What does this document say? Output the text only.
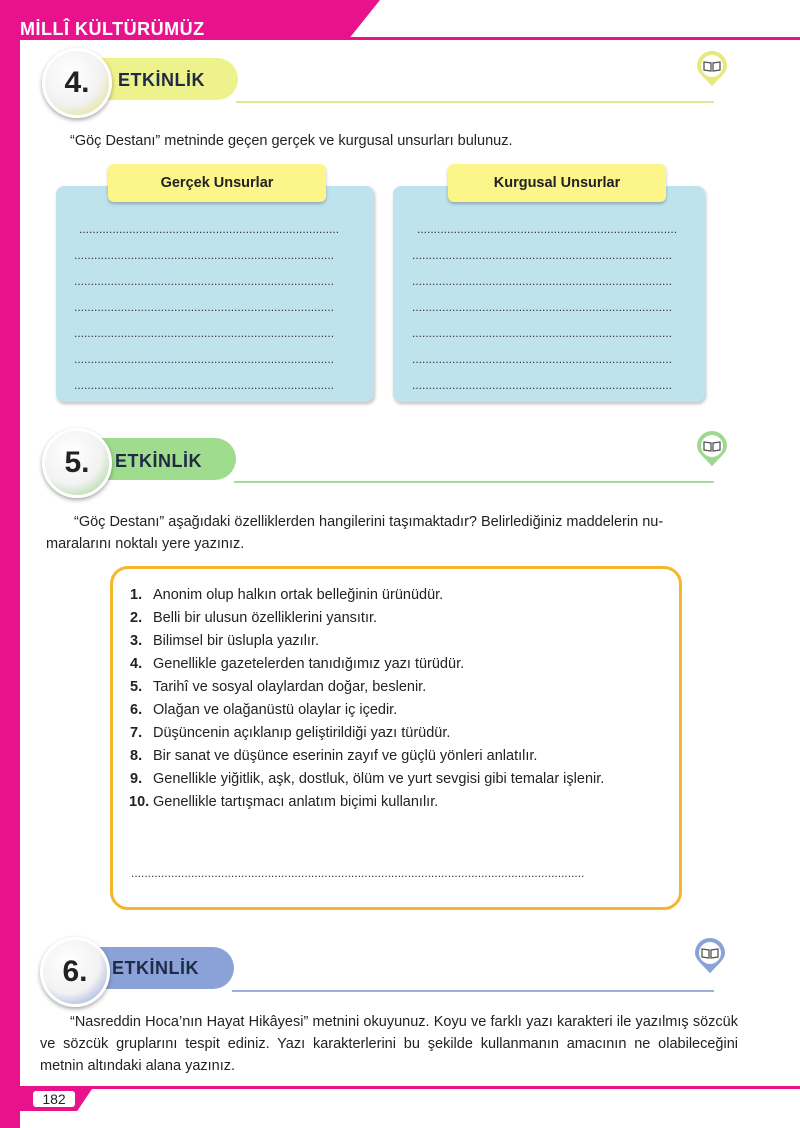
MİLLÎ KÜLTÜRÜMÜZ
4. ETKİNLİK
“Göç Destanı” metninde geçen gerçek ve kurgusal unsurları bulunuz.
Gerçek Unsurlar
..............................................................................
..............................................................................
..............................................................................
..............................................................................
..............................................................................
..............................................................................
..............................................................................
Kurgusal Unsurlar
..............................................................................
..............................................................................
..............................................................................
..............................................................................
..............................................................................
..............................................................................
..............................................................................
5. ETKİNLİK
“Göç Destanı” aşağıdaki özelliklerden hangilerini taşımaktadır? Belirlediğiniz maddelerin nu-
maralarını noktalı yere yazınız.
1. Anonim olup halkın ortak belleğinin ürünüdür.
2. Belli bir ulusun özelliklerini yansıtır.
3. Bilimsel bir üslupla yazılır.
4. Genellikle gazetelerden tanıdığımız yazı türüdür.
5. Tarihî ve sosyal olaylardan doğar, beslenir.
6. Olağan ve olağanüstü olaylar iç içedir.
7. Düşüncenin açıklanıp geliştirildiği yazı türüdür.
8. Bir sanat ve düşünce eserinin zayıf ve güçlü yönleri anlatılır.
9. Genellikle yiğitlik, aşk, dostluk, ölüm ve yurt sevgisi gibi temalar işlenir.
10. Genellikle tartışmacı anlatım biçimi kullanılır.
........................................................................................................................................
6. ETKİNLİK
“Nasreddin Hoca’nın Hayat Hikâyesi” metnini okuyunuz. Koyu ve farklı yazı karakteri ile yazılmış sözcük ve sözcük gruplarını tespit ediniz. Yazı karakterlerini bu şekilde kullanmanın amacının ne olabileceğini metnin altındaki alana yazınız.
182
